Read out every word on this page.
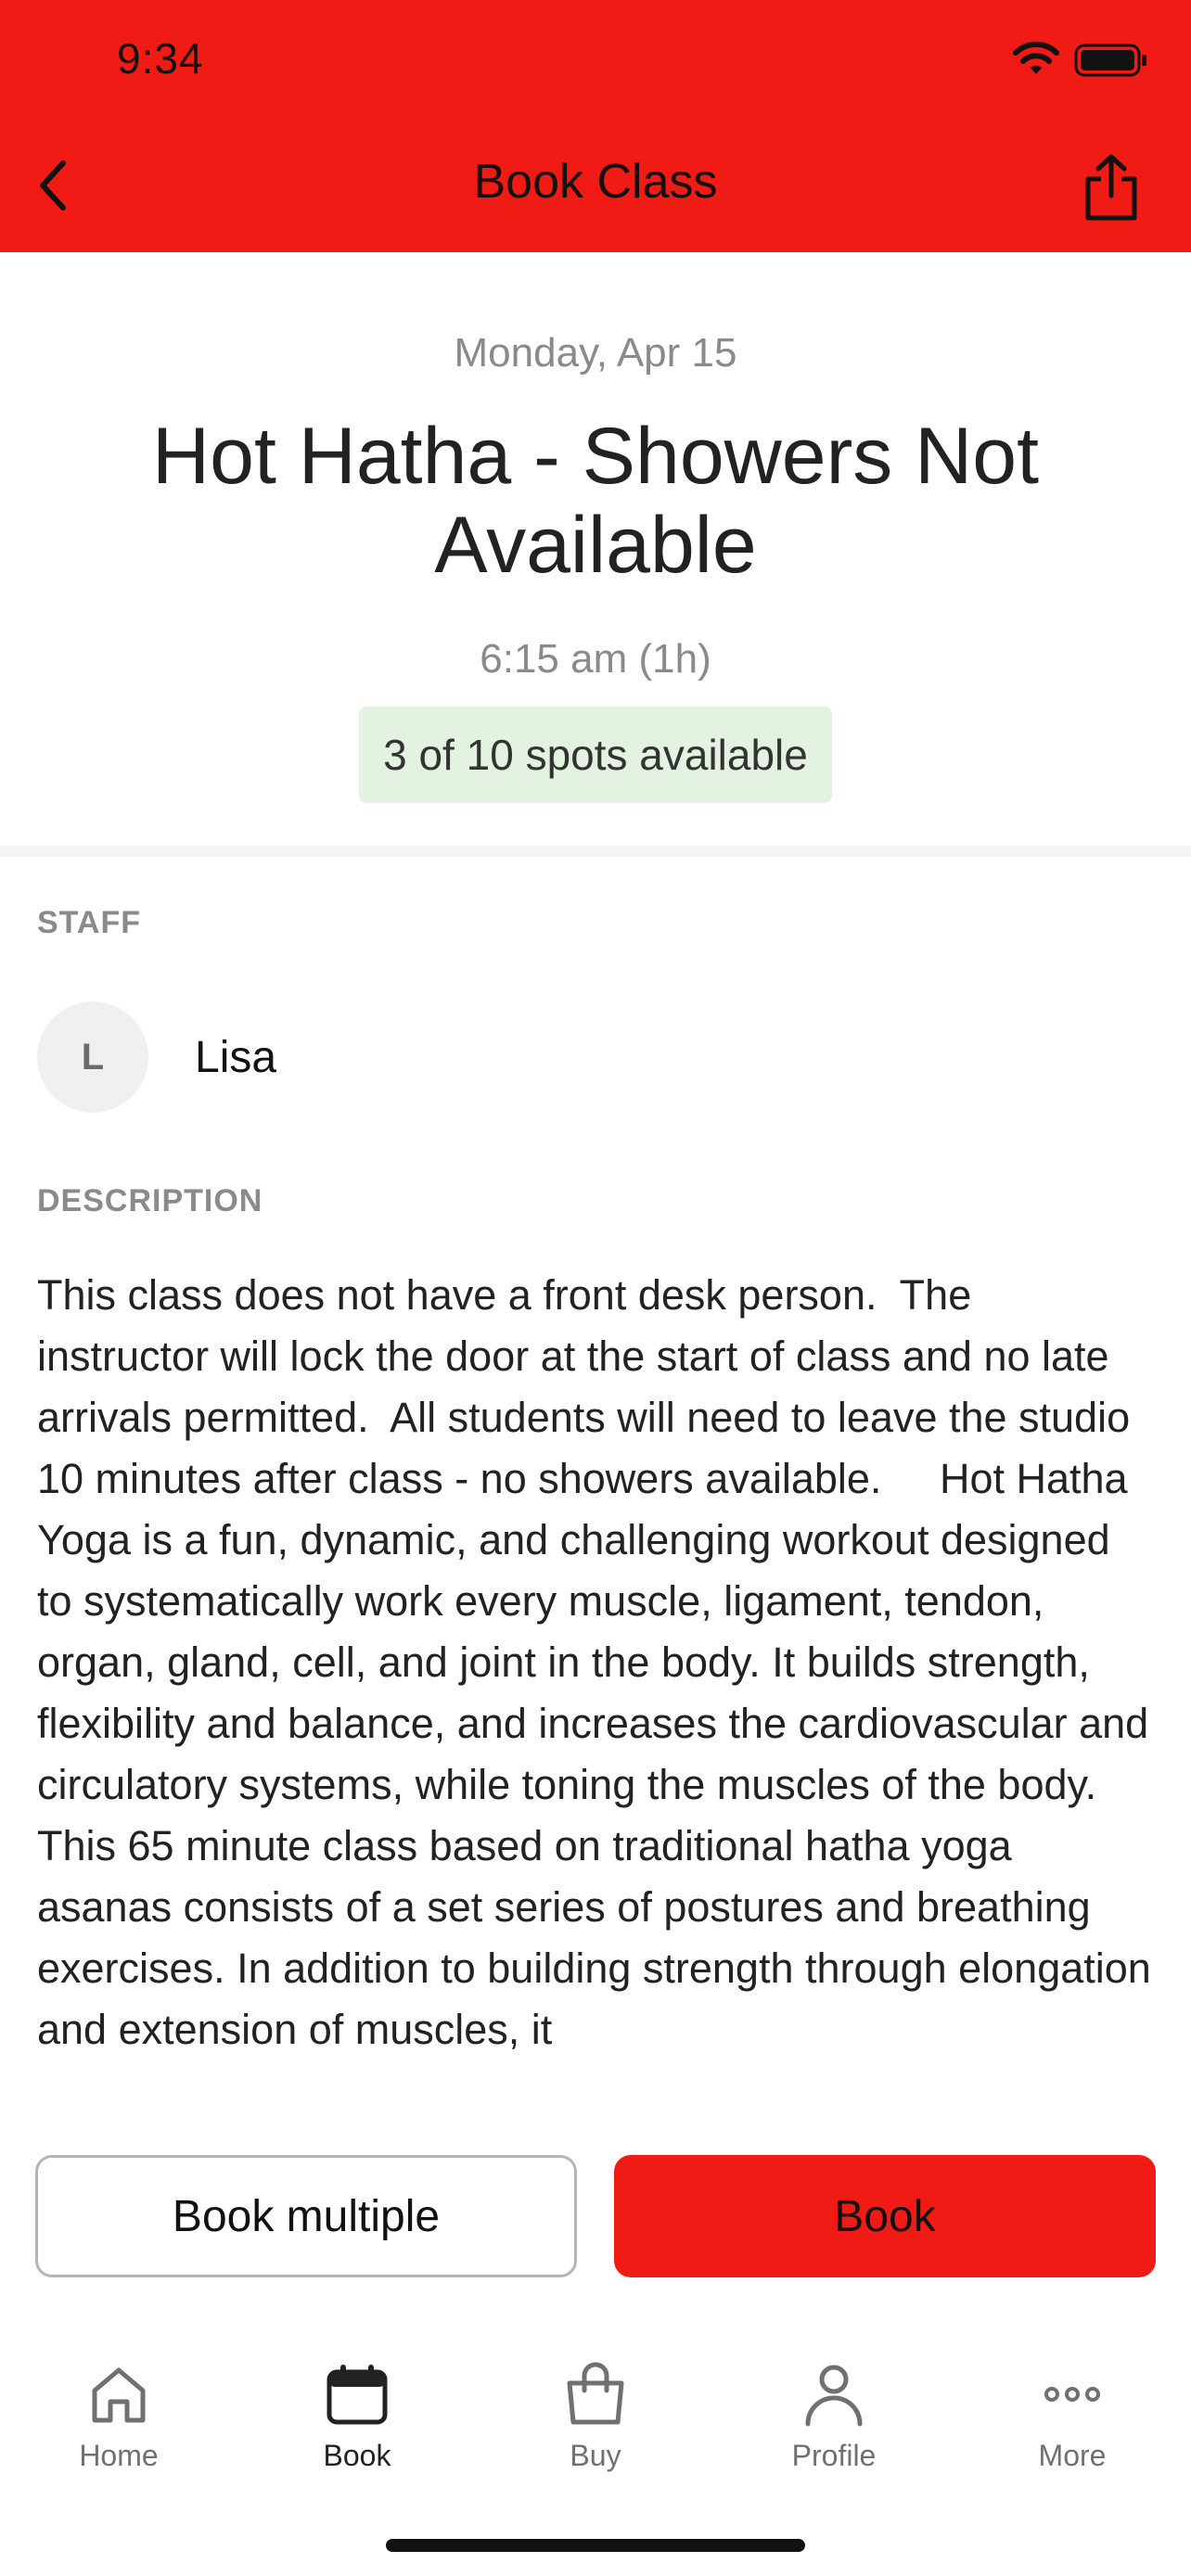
9:34
Book Class
Monday, Apr 15
Hot Hatha - Showers Not Available
6:15 am (1h)
3 of 10 spots available
STAFF
L	Lisa
DESCRIPTION
This class does not have a front desk person.  The instructor will lock the door at the start of class and no late arrivals permitted.  All students will need to leave the studio 10 minutes after class - no showers available.     Hot Hatha Yoga is a fun, dynamic, and challenging workout designed to systematically work every muscle, ligament, tendon, organ, gland, cell, and joint in the body. It builds strength, flexibility and balance, and increases the cardiovascular and circulatory systems, while toning the muscles of the body. This 65 minute class based on traditional hatha yoga asanas consists of a set series of postures and breathing exercises. In addition to building strength through elongation and extension of muscles, it
Book multiple	Book
Home	Book	Buy	Profile	More
